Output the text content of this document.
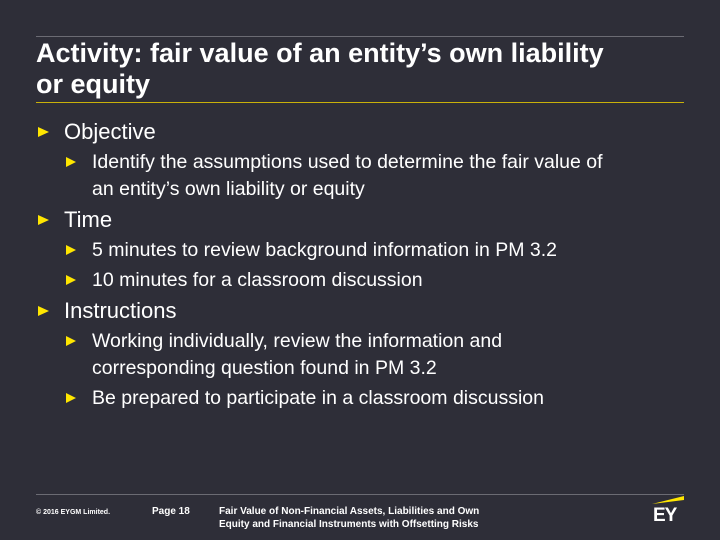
Activity: fair value of an entity’s own liability
or equity
Objective
Identify the assumptions used to determine the fair value of
an entity’s own liability or equity
Time
5 minutes to review background information in PM 3.2
10 minutes for a classroom discussion
Instructions
Working individually, review the information and
corresponding question found in PM 3.2
Be prepared to participate in a classroom discussion
© 2016 EYGM Limited.	Page 18	Fair Value of Non-Financial Assets, Liabilities and Own
Equity and Financial Instruments with Offsetting Risks	EY
